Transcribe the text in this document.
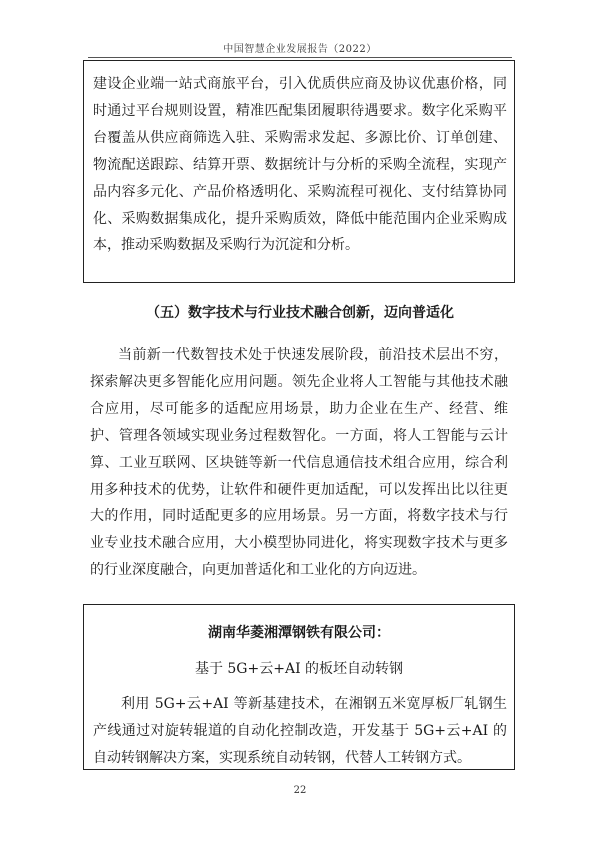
中国智慧企业发展报告（2022）

建设企业端一站式商旅平台，引入优质供应商及协议优惠价格，同时通过平台规则设置，精准匹配集团履职待遇要求。数字化采购平台覆盖从供应商筛选入驻、采购需求发起、多源比价、订单创建、物流配送跟踪、结算开票、数据统计与分析的采购全流程，实现产品内容多元化、产品价格透明化、采购流程可视化、支付结算协同化、采购数据集成化，提升采购质效，降低中能范围内企业采购成本，推动采购数据及采购行为沉淀和分析。

（五）数字技术与行业技术融合创新，迈向普适化

当前新一代数智技术处于快速发展阶段，前沿技术层出不穷，探索解决更多智能化应用问题。领先企业将人工智能与其他技术融合应用，尽可能多的适配应用场景，助力企业在生产、经营、维护、管理各领域实现业务过程数智化。一方面，将人工智能与云计算、工业互联网、区块链等新一代信息通信技术组合应用，综合利用多种技术的优势，让软件和硬件更加适配，可以发挥出比以往更大的作用，同时适配更多的应用场景。另一方面，将数字技术与行业专业技术融合应用，大小模型协同进化，将实现数字技术与更多的行业深度融合，向更加普适化和工业化的方向迈进。

湖南华菱湘潭钢铁有限公司：
基于 5G+云+AI 的板坯自动转钢
利用 5G+云+AI 等新基建技术，在湘钢五米宽厚板厂轧钢生产线通过对旋转辊道的自动化控制改造，开发基于 5G+云+AI 的自动转钢解决方案，实现系统自动转钢，代替人工转钢方式。
22
